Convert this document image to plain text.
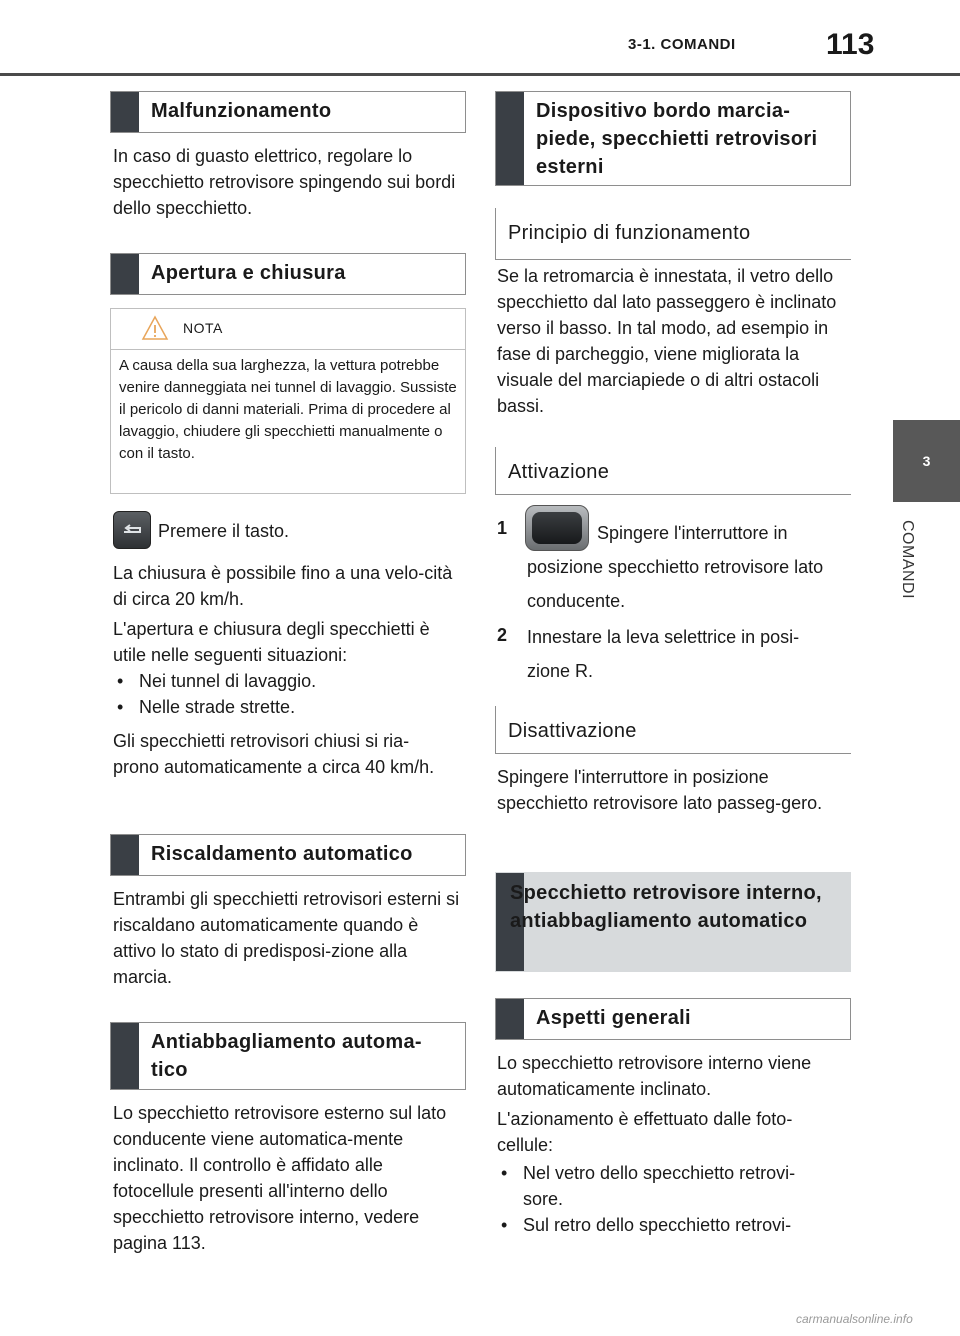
3-1. COMANDI	113
3
COMANDI
Malfunzionamento
In caso di guasto elettrico, regolare lo specchietto retrovisore spingendo sui bordi dello specchietto.
Apertura e chiusura
NOTA
A causa della sua larghezza, la vettura potrebbe venire danneggiata nei tunnel di lavaggio. Sussiste il pericolo di danni materiali. Prima di procedere al lavaggio, chiudere gli specchietti manualmente o con il tasto.
Premere il tasto.
La chiusura è possibile fino a una velo-cità di circa 20 km/h.
L'apertura e chiusura degli specchietti è utile nelle seguenti situazioni:
• Nei tunnel di lavaggio.
• Nelle strade strette.
Gli specchietti retrovisori chiusi si ria-prono automaticamente a circa 40 km/h.
Riscaldamento automatico
Entrambi gli specchietti retrovisori esterni si riscaldano automaticamente quando è attivo lo stato di predisposi-zione alla marcia.
Antiabbagliamento automa-tico
Lo specchietto retrovisore esterno sul lato conducente viene automatica-mente inclinato. Il controllo è affidato alle fotocellule presenti all'interno dello specchietto retrovisore interno, vedere pagina 113.
Dispositivo bordo marcia-piede, specchietti retrovisori esterni
Principio di funzionamento
Se la retromarcia è innestata, il vetro dello specchietto dal lato passeggero è inclinato verso il basso. In tal modo, ad esempio in fase di parcheggio, viene migliorata la visuale del marciapiede o di altri ostacoli bassi.
Attivazione
1	Spingere l'interruttore in posizione specchietto retrovisore lato conducente.
2 Innestare la leva selettrice in posi-zione R.
Disattivazione
Spingere l'interruttore in posizione specchietto retrovisore lato passeg-gero.
Specchietto retrovisore interno, antiabbagliamento automatico
Aspetti generali
Lo specchietto retrovisore interno viene automaticamente inclinato.
L'azionamento è effettuato dalle foto-cellule:
• Nel vetro dello specchietto retrovi-sore.
• Sul retro dello specchietto retrovi-
carmanualsonline.info
